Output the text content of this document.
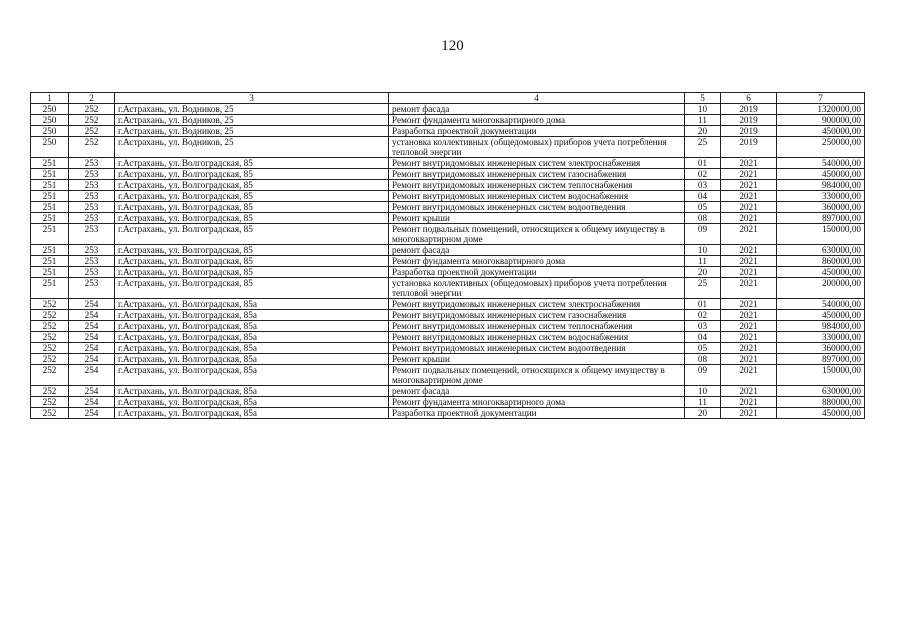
120
1	2	3	4	5	6	7
250	252	г.Астрахань, ул. Водников, 25	ремонт фасада	10	2019	1320000,00
250	252	г.Астрахань, ул. Водников, 25	Ремонт фундамента многоквартирного дома	11	2019	900000,00
250	252	г.Астрахань, ул. Водников, 25	Разработка проектной документации	20	2019	450000,00
250	252	г.Астрахань, ул. Водников, 25	установка коллективных (общедомовых) приборов учета потребления тепловой энергии	25	2019	250000,00
251	253	г.Астрахань, ул. Волгоградская, 85	Ремонт внутридомовых инженерных систем электроснабжения	01	2021	540000,00
251	253	г.Астрахань, ул. Волгоградская, 85	Ремонт внутридомовых инженерных систем газоснабжения	02	2021	450000,00
251	253	г.Астрахань, ул. Волгоградская, 85	Ремонт внутридомовых инженерных систем теплоснабжения	03	2021	984000,00
251	253	г.Астрахань, ул. Волгоградская, 85	Ремонт внутридомовых инженерных систем водоснабжения	04	2021	330000,00
251	253	г.Астрахань, ул. Волгоградская, 85	Ремонт внутридомовых инженерных систем водоотведения	05	2021	360000,00
251	253	г.Астрахань, ул. Волгоградская, 85	Ремонт крыши	08	2021	897000,00
251	253	г.Астрахань, ул. Волгоградская, 85	Ремонт подвальных помещений, относящихся к общему имуществу в многоквартирном доме	09	2021	150000,00
251	253	г.Астрахань, ул. Волгоградская, 85	ремонт фасада	10	2021	630000,00
251	253	г.Астрахань, ул. Волгоградская, 85	Ремонт фундамента многоквартирного дома	11	2021	860000,00
251	253	г.Астрахань, ул. Волгоградская, 85	Разработка проектной документации	20	2021	450000,00
251	253	г.Астрахань, ул. Волгоградская, 85	установка коллективных (общедомовых) приборов учета потребления тепловой энергии	25	2021	200000,00
252	254	г.Астрахань, ул. Волгоградская, 85а	Ремонт внутридомовых инженерных систем электроснабжения	01	2021	540000,00
252	254	г.Астрахань, ул. Волгоградская, 85а	Ремонт внутридомовых инженерных систем газоснабжения	02	2021	450000,00
252	254	г.Астрахань, ул. Волгоградская, 85а	Ремонт внутридомовых инженерных систем теплоснабжения	03	2021	984000,00
252	254	г.Астрахань, ул. Волгоградская, 85а	Ремонт внутридомовых инженерных систем водоснабжения	04	2021	330000,00
252	254	г.Астрахань, ул. Волгоградская, 85а	Ремонт внутридомовых инженерных систем водоотведения	05	2021	360000,00
252	254	г.Астрахань, ул. Волгоградская, 85а	Ремонт крыши	08	2021	897000,00
252	254	г.Астрахань, ул. Волгоградская, 85а	Ремонт подвальных помещений, относящихся к общему имуществу в многоквартирном доме	09	2021	150000,00
252	254	г.Астрахань, ул. Волгоградская, 85а	ремонт фасада	10	2021	630000,00
252	254	г.Астрахань, ул. Волгоградская, 85а	Ремонт фундамента многоквартирного дома	11	2021	880000,00
252	254	г.Астрахань, ул. Волгоградская, 85а	Разработка проектной документации	20	2021	450000,00
